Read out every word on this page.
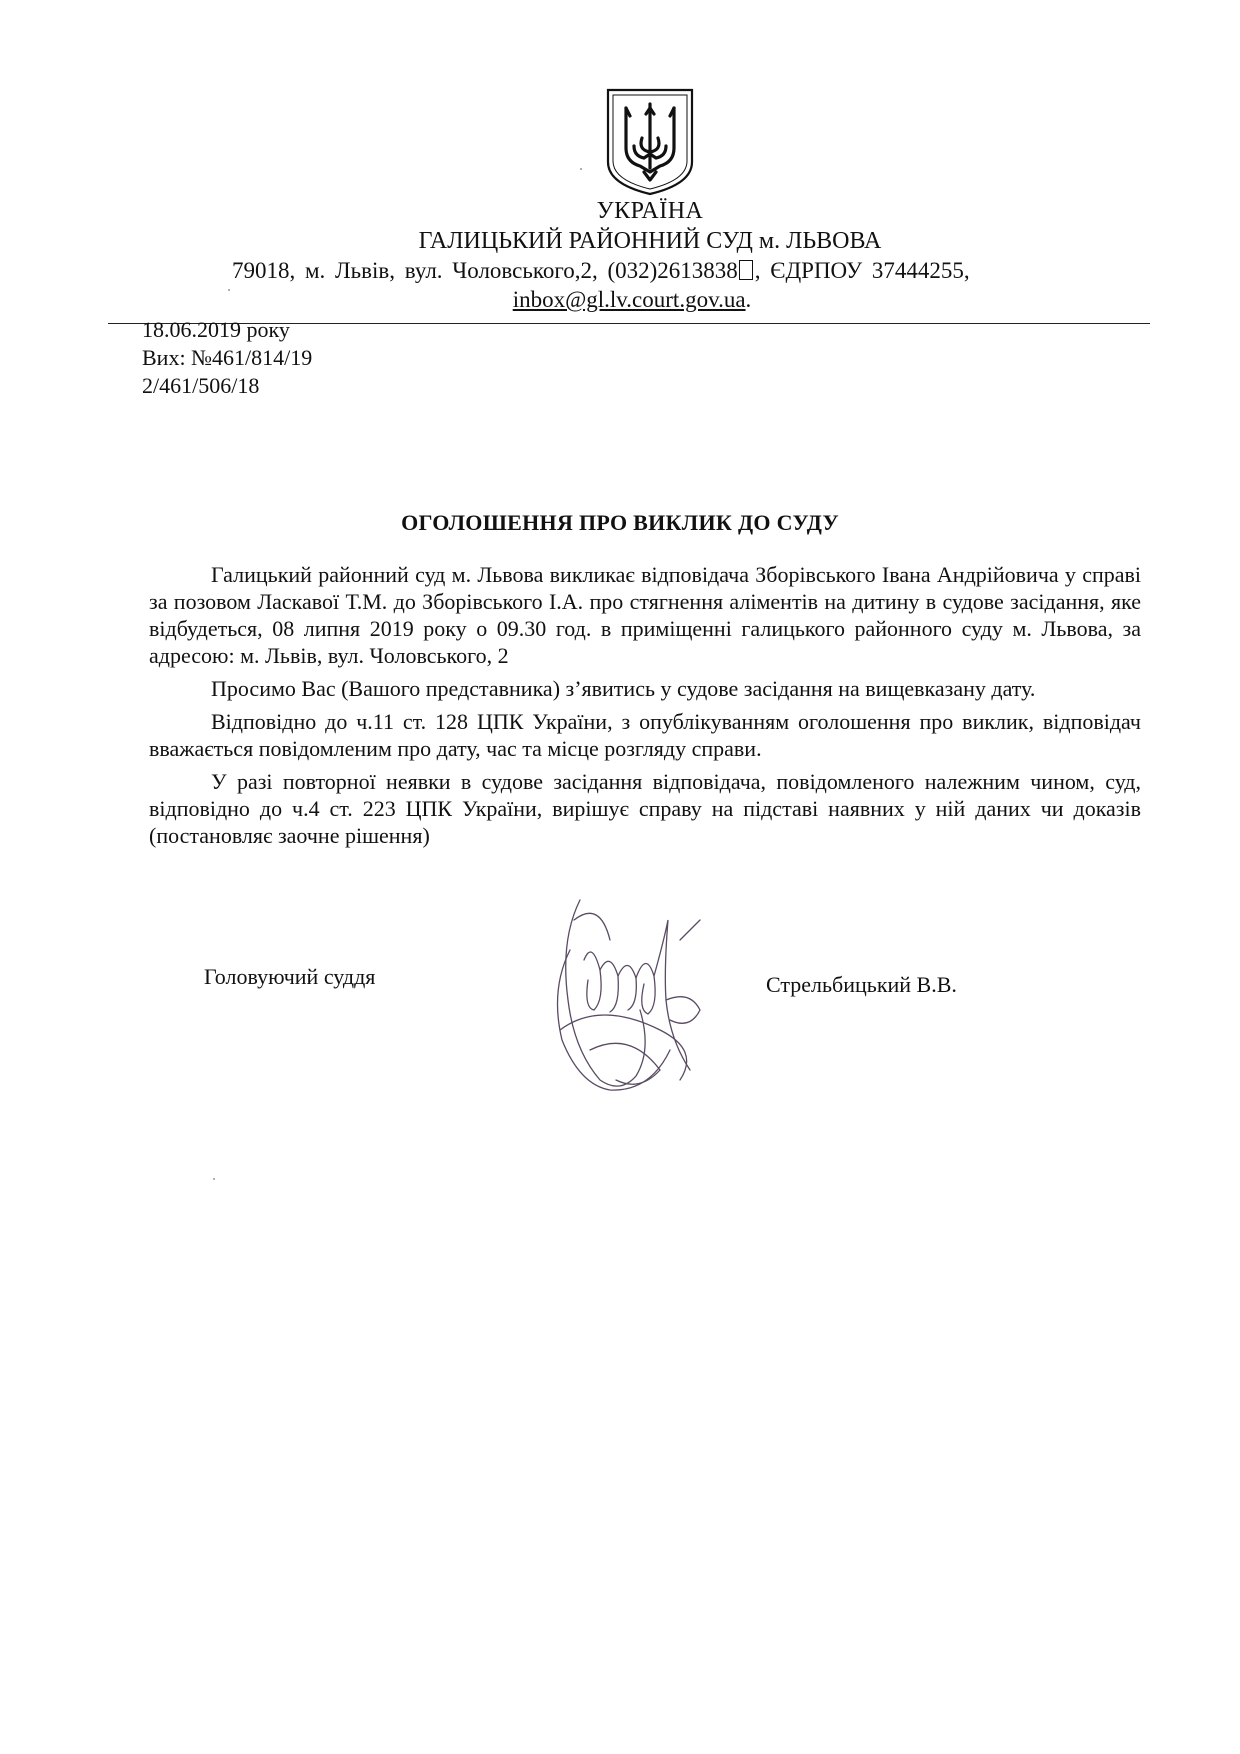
УКРАЇНА
ГАЛИЦЬКИЙ РАЙОННИЙ СУД м. ЛЬВОВА
79018, м. Львів, вул. Чоловського,2, (032)2613838 , ЄДРПОУ 37444255,
inbox@gl.lv.court.gov.ua.
18.06.2019 року
Вих: №461/814/19
2/461/506/18
ОГОЛОШЕННЯ ПРО ВИКЛИК ДО СУДУ

Галицький районний суд м. Львова викликає відповідача Зборівського Івана Андрійовича у справі за позовом Ласкавої Т.М. до Зборівського І.А. про стягнення аліментів на дитину в судове засідання, яке відбудеться, 08 липня 2019 року о 09.30 год. в приміщенні галицького районного суду м. Львова, за адресою: м. Львів, вул. Чоловського, 2

Просимо Вас (Вашого представника) з’явитись у судове засідання на вищевказану дату.

Відповідно до ч.11 ст. 128 ЦПК України, з опублікуванням оголошення про виклик, відповідач вважається повідомленим про дату, час та місце розгляду справи.

У разі повторної неявки в судове засідання відповідача, повідомленого належним чином, суд, відповідно до ч.4 ст. 223 ЦПК України, вирішує справу на підставі наявних у ній даних чи доказів (постановляє заочне рішення)

Головуючий суддя	Стрельбицький В.В.
